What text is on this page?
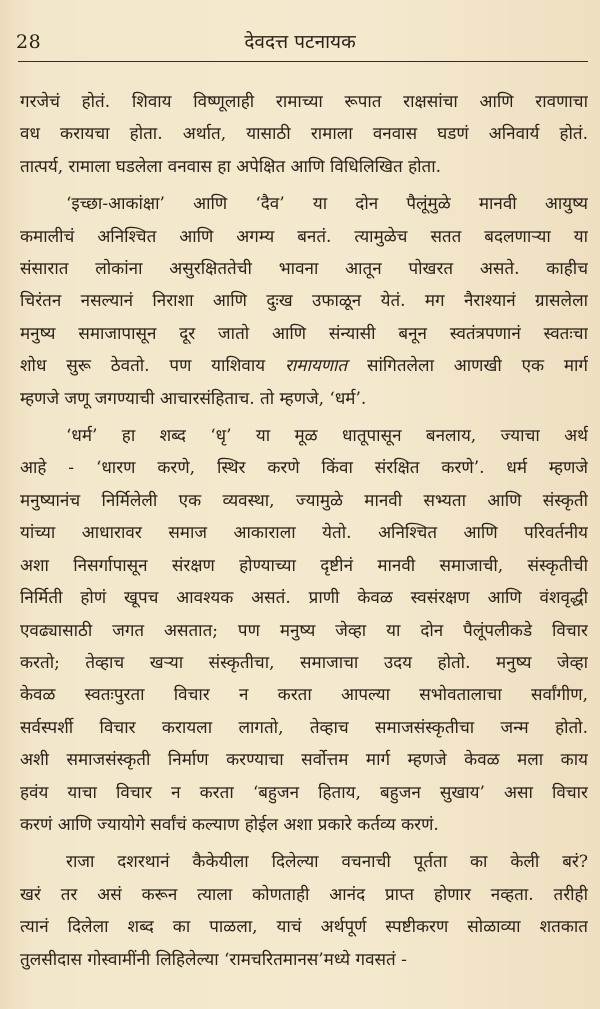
28	देवदत्त पटनायक
गरजेचं होतं. शिवाय विष्णूलाही रामाच्या रूपात राक्षसांचा आणि रावणाचा
वध करायचा होता. अर्थात, यासाठी रामाला वनवास घडणं अनिवार्य होतं.
तात्पर्य, रामाला घडलेला वनवास हा अपेक्षित आणि विधिलिखित होता.
‘इच्छा-आकांक्षा’ आणि ‘दैव’ या दोन पैलूंमुळे मानवी आयुष्य
कमालीचं अनिश्चित आणि अगम्य बनतं. त्यामुळेच सतत बदलणाऱ्या या
संसारात लोकांना असुरक्षिततेची भावना आतून पोखरत असते. काहीच
चिरंतन नसल्यानं निराशा आणि दुःख उफाळून येतं. मग नैराश्यानं ग्रासलेला
मनुष्य समाजापासून दूर जातो आणि संन्यासी बनून स्वतंत्रपणानं स्वतःचा
शोध सुरू ठेवतो. पण याशिवाय रामायणात सांगितलेला आणखी एक मार्ग
म्हणजे जणू जगण्याची आचारसंहिताच. तो म्हणजे, ‘धर्म’.
‘धर्म’ हा शब्द ‘धृ’ या मूळ धातूपासून बनलाय, ज्याचा अर्थ
आहे - ‘धारण करणे, स्थिर करणे किंवा संरक्षित करणे’. धर्म म्हणजे
मनुष्यानंच निर्मिलेली एक व्यवस्था, ज्यामुळे मानवी सभ्यता आणि संस्कृती
यांच्या आधारावर समाज आकाराला येतो. अनिश्चित आणि परिवर्तनीय
अशा निसर्गापासून संरक्षण होण्याच्या दृष्टीनं मानवी समाजाची, संस्कृतीची
निर्मिती होणं खूपच आवश्यक असतं. प्राणी केवळ स्वसंरक्षण आणि वंशवृद्धी
एवढ्यासाठी जगत असतात; पण मनुष्य जेव्हा या दोन पैलूंपलीकडे विचार
करतो; तेव्हाच खऱ्या संस्कृतीचा, समाजाचा उदय होतो. मनुष्य जेव्हा
केवळ स्वतःपुरता विचार न करता आपल्या सभोवतालाचा सर्वांगीण,
सर्वस्पर्शी विचार करायला लागतो, तेव्हाच समाजसंस्कृतीचा जन्म होतो.
अशी समाजसंस्कृती निर्माण करण्याचा सर्वोत्तम मार्ग म्हणजे केवळ मला काय
हवंय याचा विचार न करता ‘बहुजन हिताय, बहुजन सुखाय’ असा विचार
करणं आणि ज्यायोगे सर्वांचं कल्याण होईल अशा प्रकारे कर्तव्य करणं.
राजा दशरथानं कैकेयीला दिलेल्या वचनाची पूर्तता का केली बरं?
खरं तर असं करून त्याला कोणताही आनंद प्राप्त होणार नव्हता. तरीही
त्यानं दिलेला शब्द का पाळला, याचं अर्थपूर्ण स्पष्टीकरण सोळाव्या शतकात
तुलसीदास गोस्वामींनी लिहिलेल्या ‘रामचरितमानस’मध्ये गवसतं -
